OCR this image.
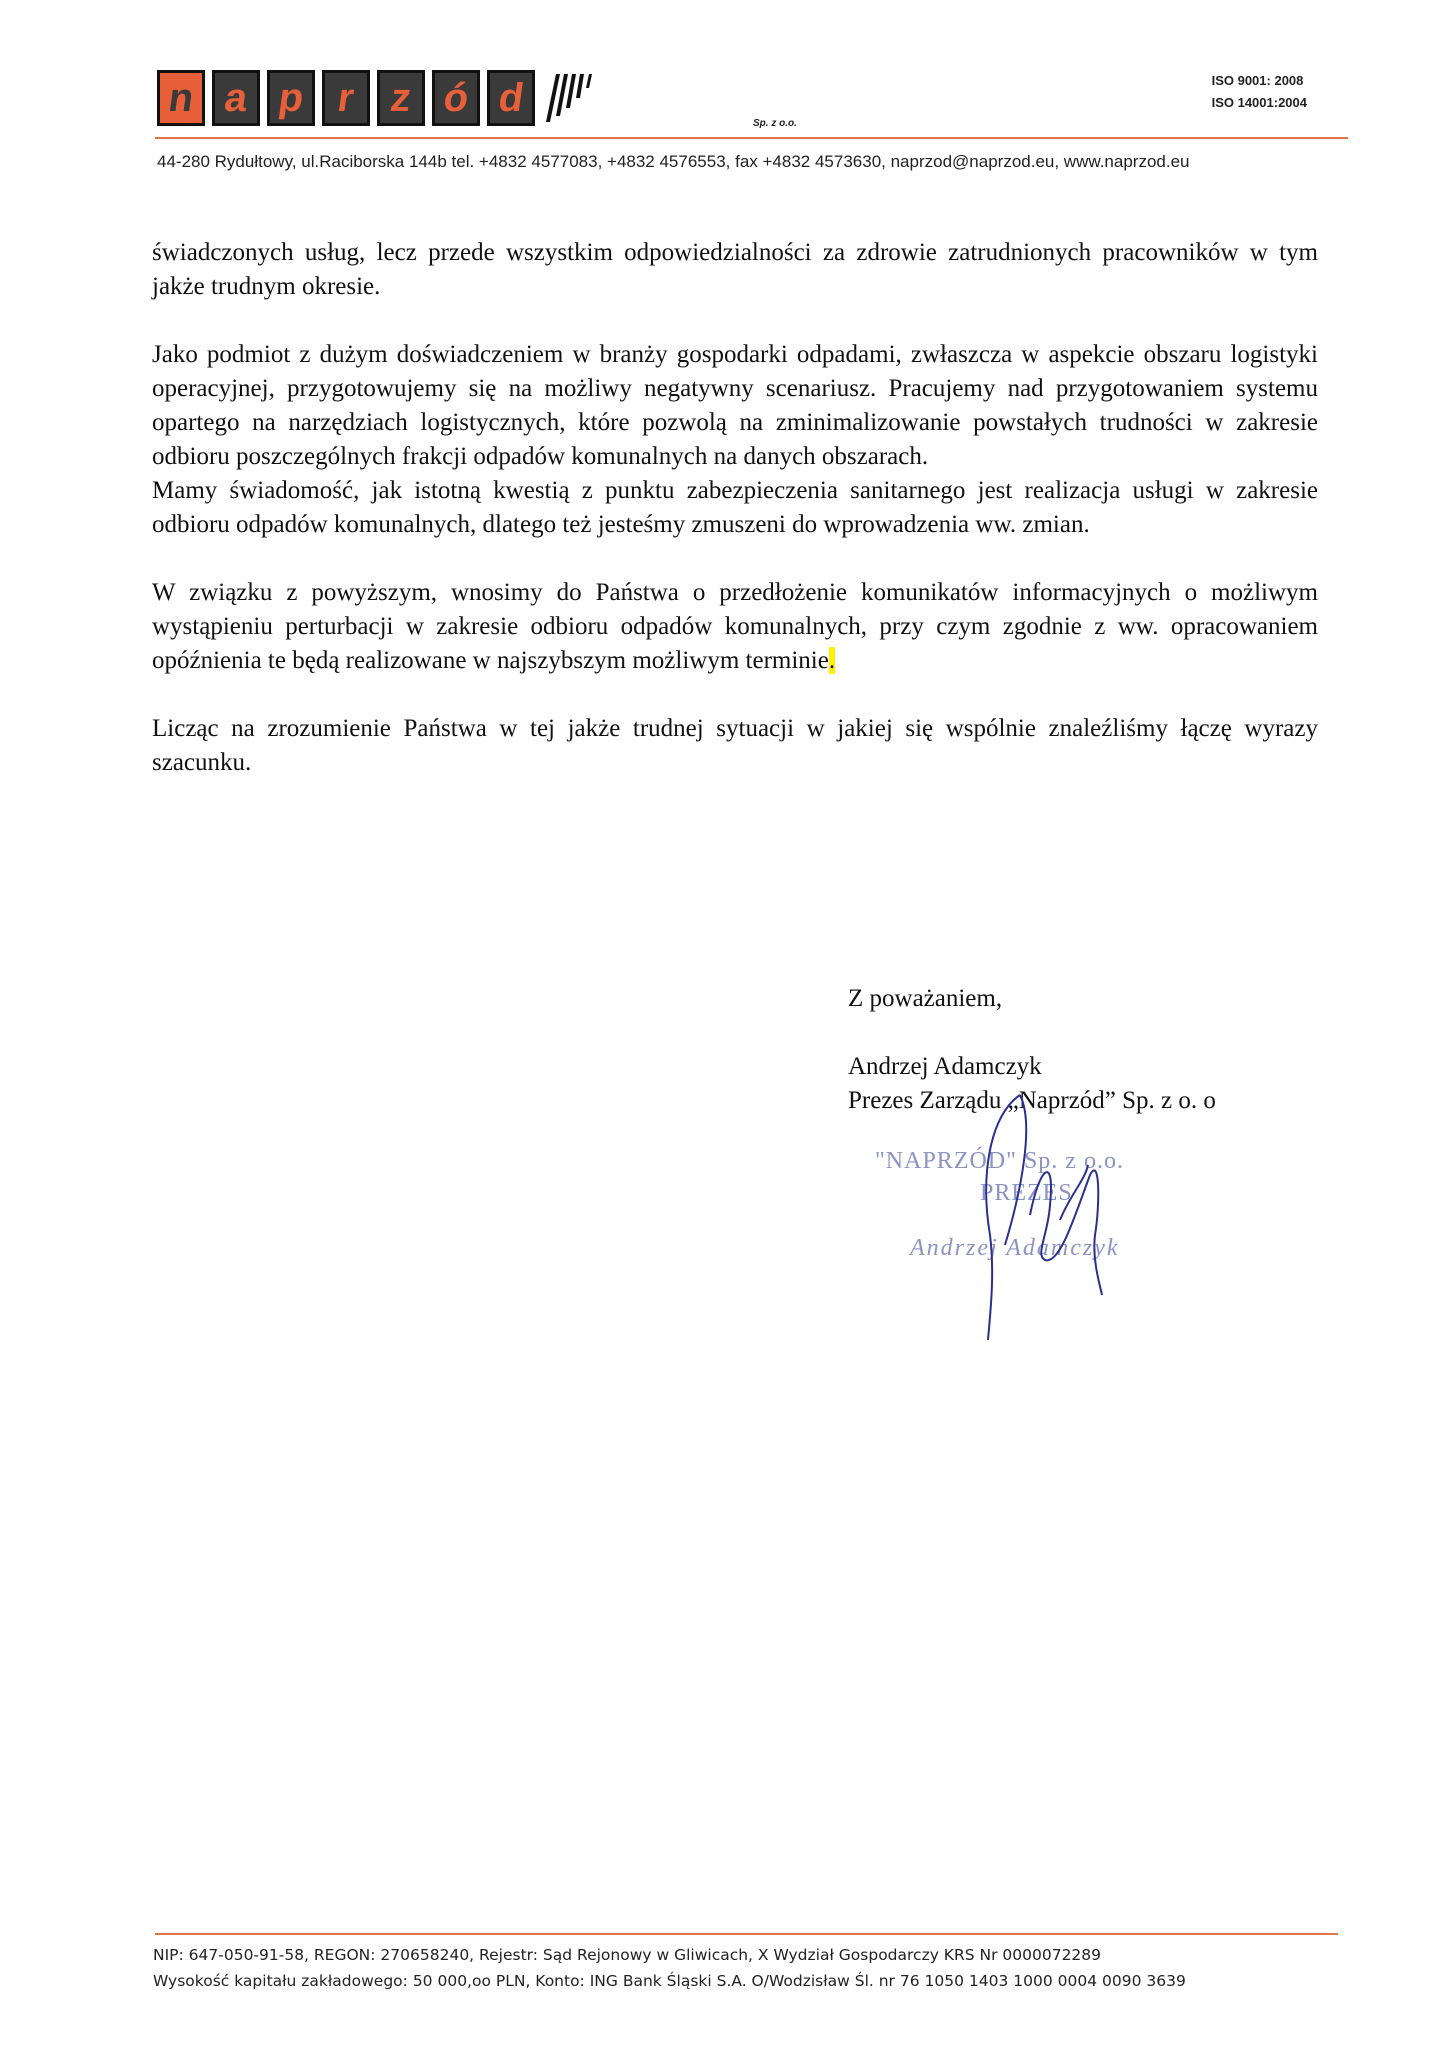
n a p r z ó d
Sp. z o.o.
ISO 9001: 2008
ISO 14001:2004
44-280 Rydułtowy, ul.Raciborska 144b tel. +4832 4577083, +4832 4576553, fax +4832 4573630, naprzod@naprzod.eu, www.naprzod.eu

świadczonych usług, lecz przede wszystkim odpowiedzialności za zdrowie zatrudnionych pracowników w tym jakże trudnym okresie.

Jako podmiot z dużym doświadczeniem w branży gospodarki odpadami, zwłaszcza w aspekcie obszaru logistyki operacyjnej, przygotowujemy się na możliwy negatywny scenariusz. Pracujemy nad przygotowaniem systemu opartego na narzędziach logistycznych, które pozwolą na zminimalizowanie powstałych trudności w zakresie odbioru poszczególnych frakcji odpadów komunalnych na danych obszarach.

Mamy świadomość, jak istotną kwestią z punktu zabezpieczenia sanitarnego jest realizacja usługi w zakresie odbioru odpadów komunalnych, dlatego też jesteśmy zmuszeni do wprowadzenia ww. zmian.

W związku z powyższym, wnosimy do Państwa o przedłożenie komunikatów informacyjnych o możliwym wystąpieniu perturbacji w zakresie odbioru odpadów komunalnych, przy czym zgodnie z ww. opracowaniem opóźnienia te będą realizowane w najszybszym możliwym terminie.

Licząc na zrozumienie Państwa w tej jakże trudnej sytuacji w jakiej się wspólnie znaleźliśmy łączę wyrazy szacunku.

Z poważaniem,
Andrzej Adamczyk
Prezes Zarządu „Naprzód” Sp. z o. o
"NAPRZÓD" Sp. z o.o.
PREZES
Andrzej Adamczyk
NIP: 647-050-91-58, REGON: 270658240, Rejestr: Sąd Rejonowy w Gliwicach, X Wydział Gospodarczy KRS Nr 0000072289
Wysokość kapitału zakładowego: 50 000,oo PLN, Konto: ING Bank Śląski S.A. O/Wodzisław Śl. nr 76 1050 1403 1000 0004 0090 3639
